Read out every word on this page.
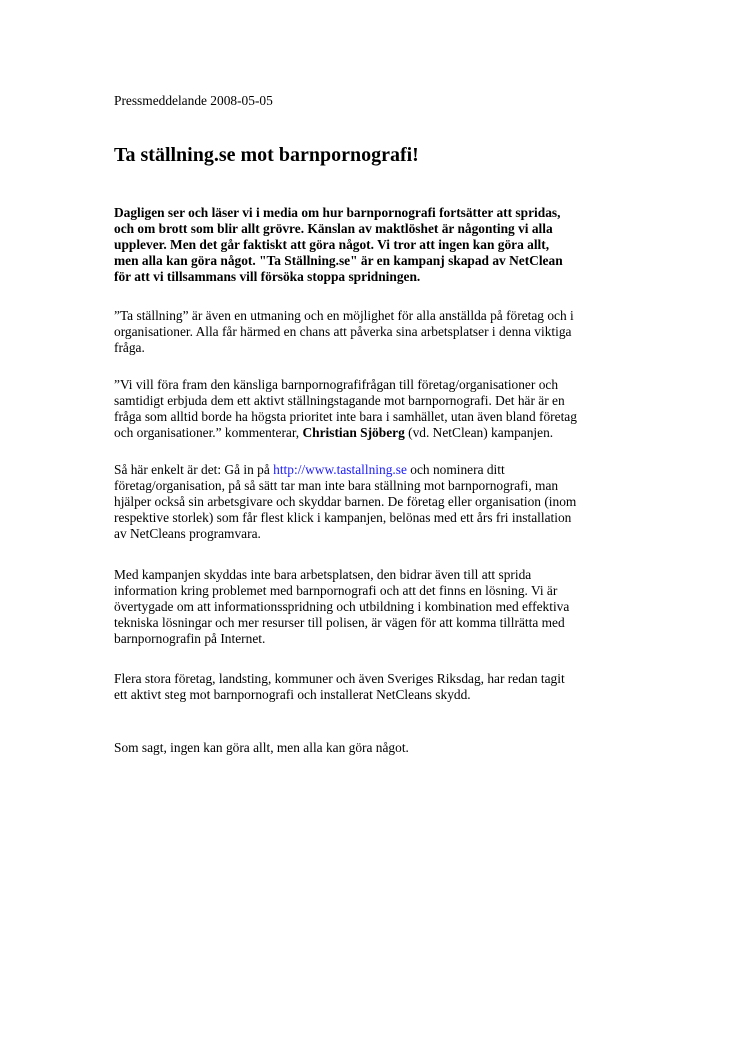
Pressmeddelande 2008-05-05
Ta ställning.se mot barnpornografi!
Dagligen ser och läser vi i media om hur barnpornografi fortsätter att spridas,
och om brott som blir allt grövre. Känslan av maktlöshet är någonting vi alla
upplever. Men det går faktiskt att göra något. Vi tror att ingen kan göra allt,
men alla kan göra något. "Ta Ställning.se" är en kampanj skapad av NetClean
för att vi tillsammans vill försöka stoppa spridningen.
”Ta ställning” är även en utmaning och en möjlighet för alla anställda på företag och i
organisationer. Alla får härmed en chans att påverka sina arbetsplatser i denna viktiga
fråga.
”Vi vill föra fram den känsliga barnpornografifrågan till företag/organisationer och
samtidigt erbjuda dem ett aktivt ställningstagande mot barnpornografi. Det här är en
fråga som alltid borde ha högsta prioritet inte bara i samhället, utan även bland företag
och organisationer.” kommenterar, Christian Sjöberg (vd. NetClean) kampanjen.
Så här enkelt är det: Gå in på http://www.tastallning.se och nominera ditt
företag/organisation, på så sätt tar man inte bara ställning mot barnpornografi, man
hjälper också sin arbetsgivare och skyddar barnen. De företag eller organisation (inom
respektive storlek) som får flest klick i kampanjen, belönas med ett års fri installation
av NetCleans programvara.
Med kampanjen skyddas inte bara arbetsplatsen, den bidrar även till att sprida
information kring problemet med barnpornografi och att det finns en lösning. Vi är
övertygade om att informationsspridning och utbildning i kombination med effektiva
tekniska lösningar och mer resurser till polisen, är vägen för att komma tillrätta med
barnpornografin på Internet.
Flera stora företag, landsting, kommuner och även Sveriges Riksdag, har redan tagit
ett aktivt steg mot barnpornografi och installerat NetCleans skydd.
Som sagt, ingen kan göra allt, men alla kan göra något.
